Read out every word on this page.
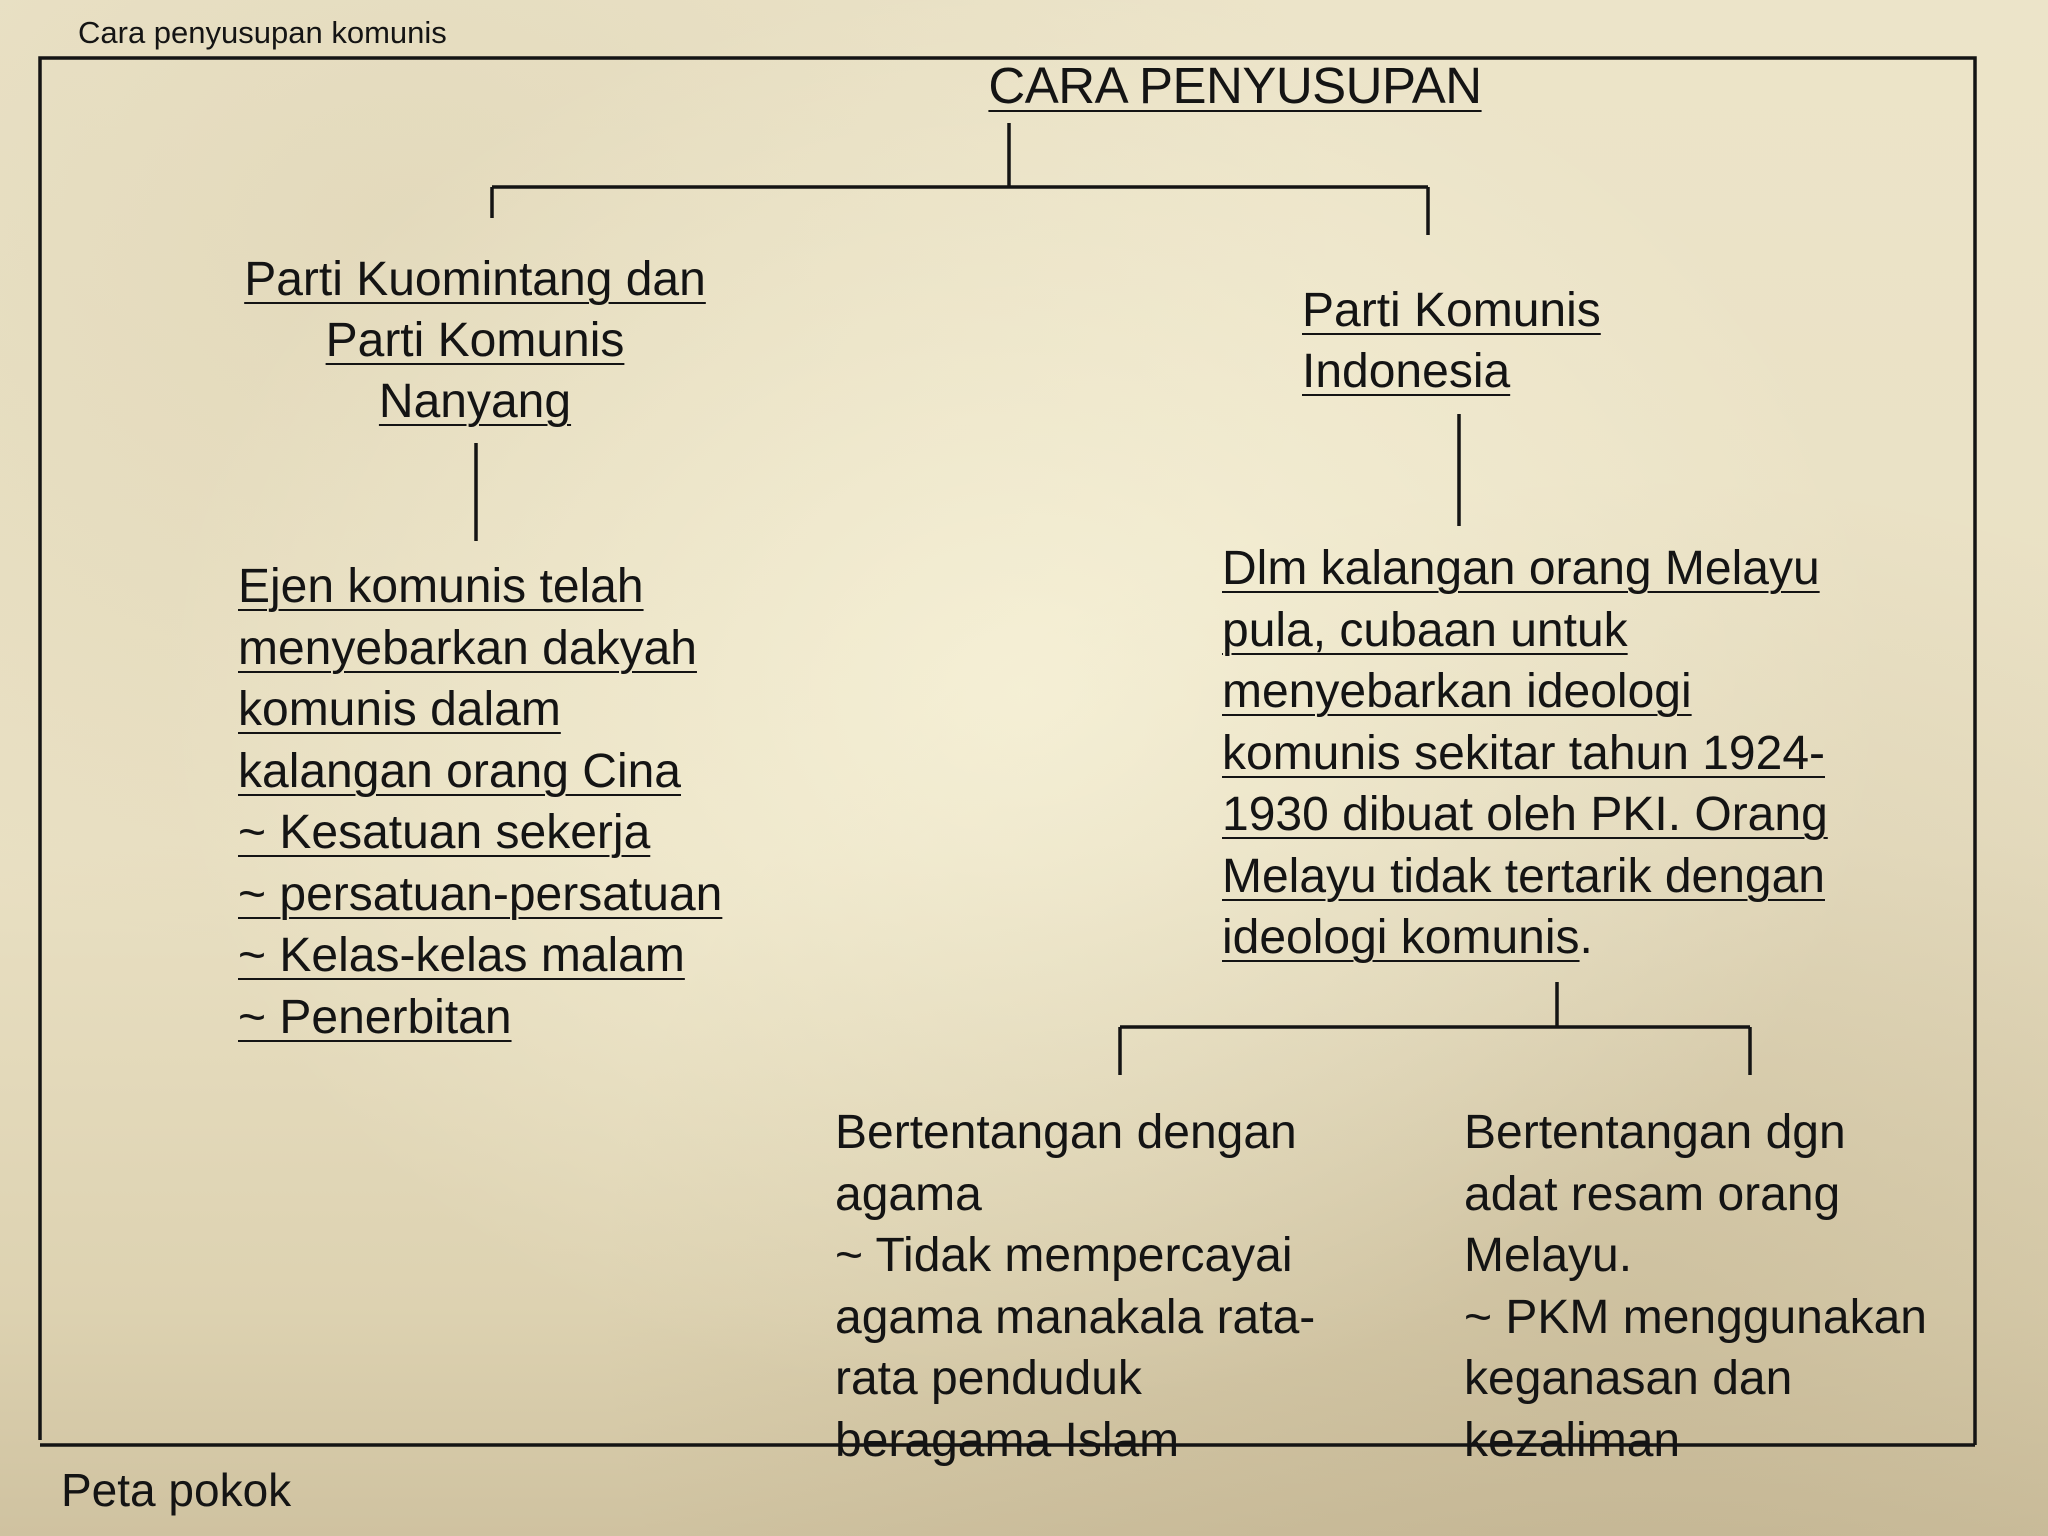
Cara penyusupan komunis

CARA PENYUSUPAN

Parti Kuomintang dan
Parti Komunis
Nanyang

Parti Komunis
Indonesia

Ejen komunis telah
menyebarkan dakyah
komunis dalam
kalangan orang Cina
~ Kesatuan sekerja
~ persatuan-persatuan
~ Kelas-kelas malam
~ Penerbitan

Dlm kalangan orang Melayu
pula, cubaan untuk
menyebarkan ideologi
komunis sekitar tahun 1924-
1930 dibuat oleh PKI. Orang
Melayu tidak tertarik dengan
ideologi komunis.

Bertentangan dengan
agama
~ Tidak mempercayai
agama manakala rata-
rata penduduk
beragama Islam

Bertentangan dgn
adat resam orang
Melayu.
~ PKM menggunakan
keganasan dan
kezaliman

Peta pokok
